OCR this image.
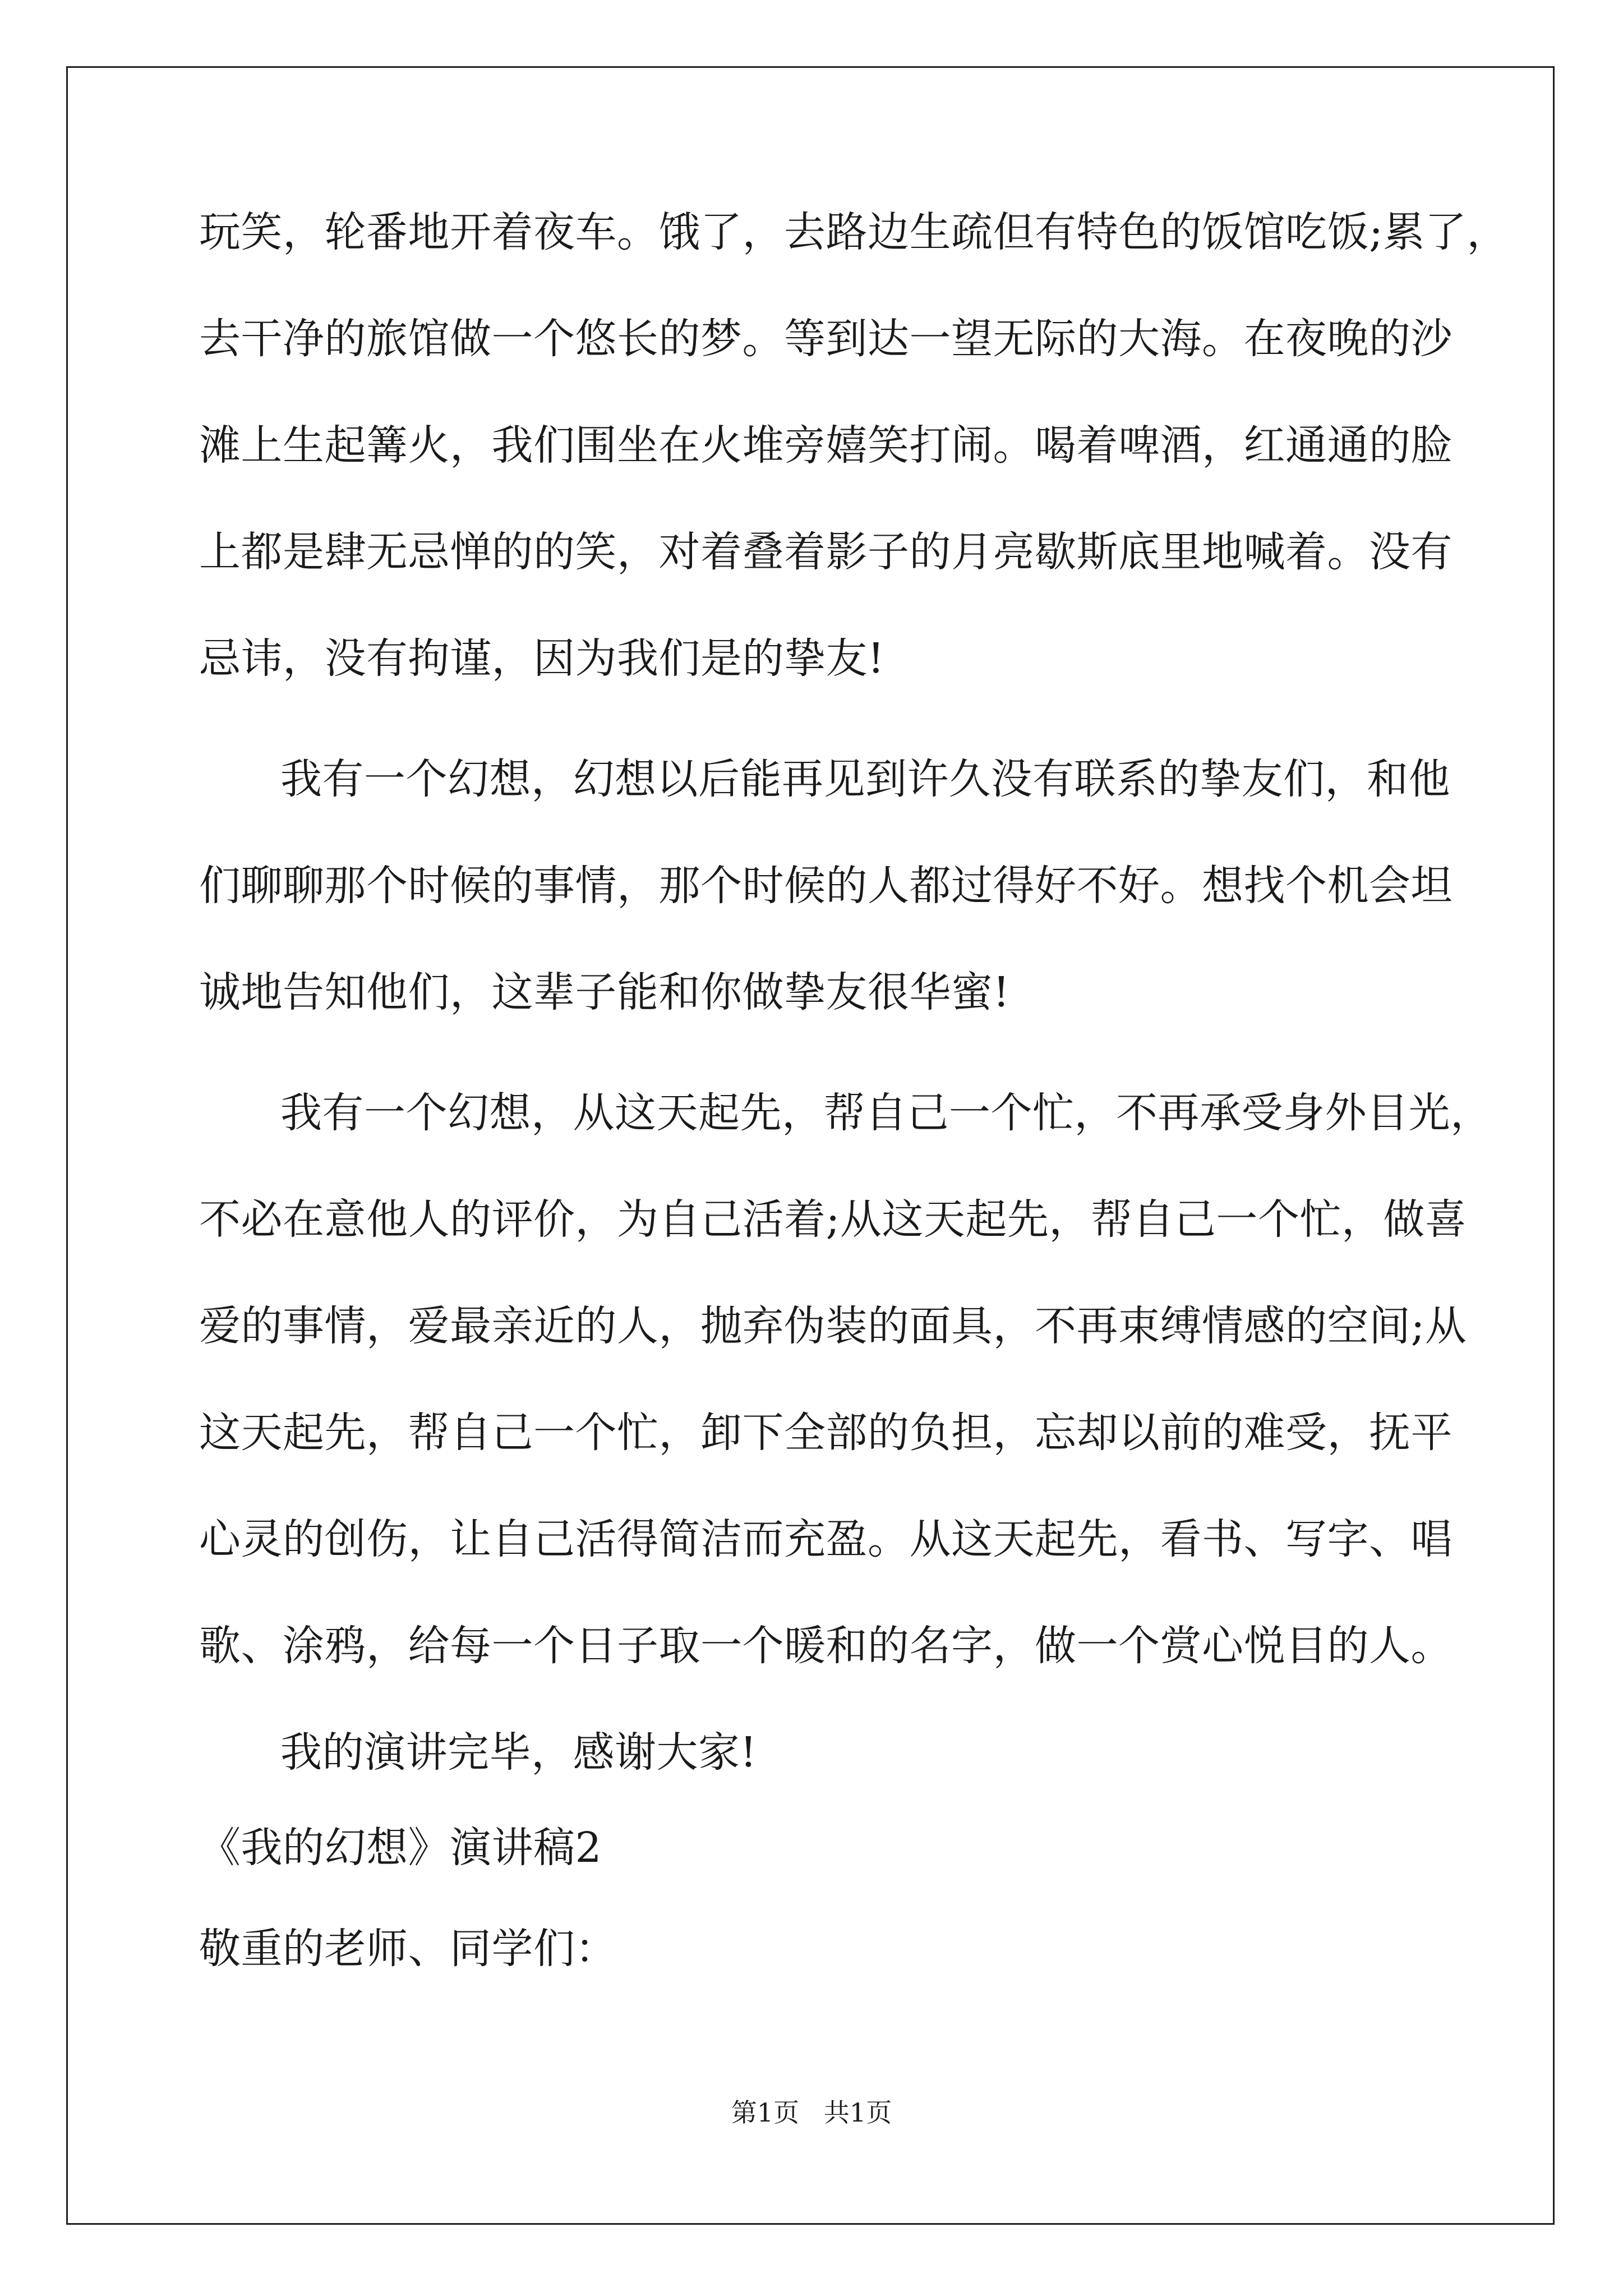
玩笑，轮番地开着夜车。饿了，去路边生疏但有特色的饭馆吃饭;累了，

去干净的旅馆做一个悠长的梦。等到达一望无际的大海。在夜晚的沙

滩上生起篝火，我们围坐在火堆旁嬉笑打闹。喝着啤酒，红通通的脸

上都是肆无忌惮的的笑，对着叠着影子的月亮歇斯底里地喊着。没有

忌讳，没有拘谨，因为我们是的挚友!

我有一个幻想，幻想以后能再见到许久没有联系的挚友们，和他

们聊聊那个时候的事情，那个时候的人都过得好不好。想找个机会坦

诚地告知他们，这辈子能和你做挚友很华蜜!

我有一个幻想，从这天起先，帮自己一个忙，不再承受身外目光，

不必在意他人的评价，为自己活着;从这天起先，帮自己一个忙，做喜

爱的事情，爱最亲近的人，抛弃伪装的面具，不再束缚情感的空间;从

这天起先，帮自己一个忙，卸下全部的负担，忘却以前的难受，抚平

心灵的创伤，让自己活得简洁而充盈。从这天起先，看书、写字、唱

歌、涂鸦，给每一个日子取一个暖和的名字，做一个赏心悦目的人。

我的演讲完毕，感谢大家!

《我的幻想》演讲稿2

敬重的老师、同学们：

第1页   共1页
